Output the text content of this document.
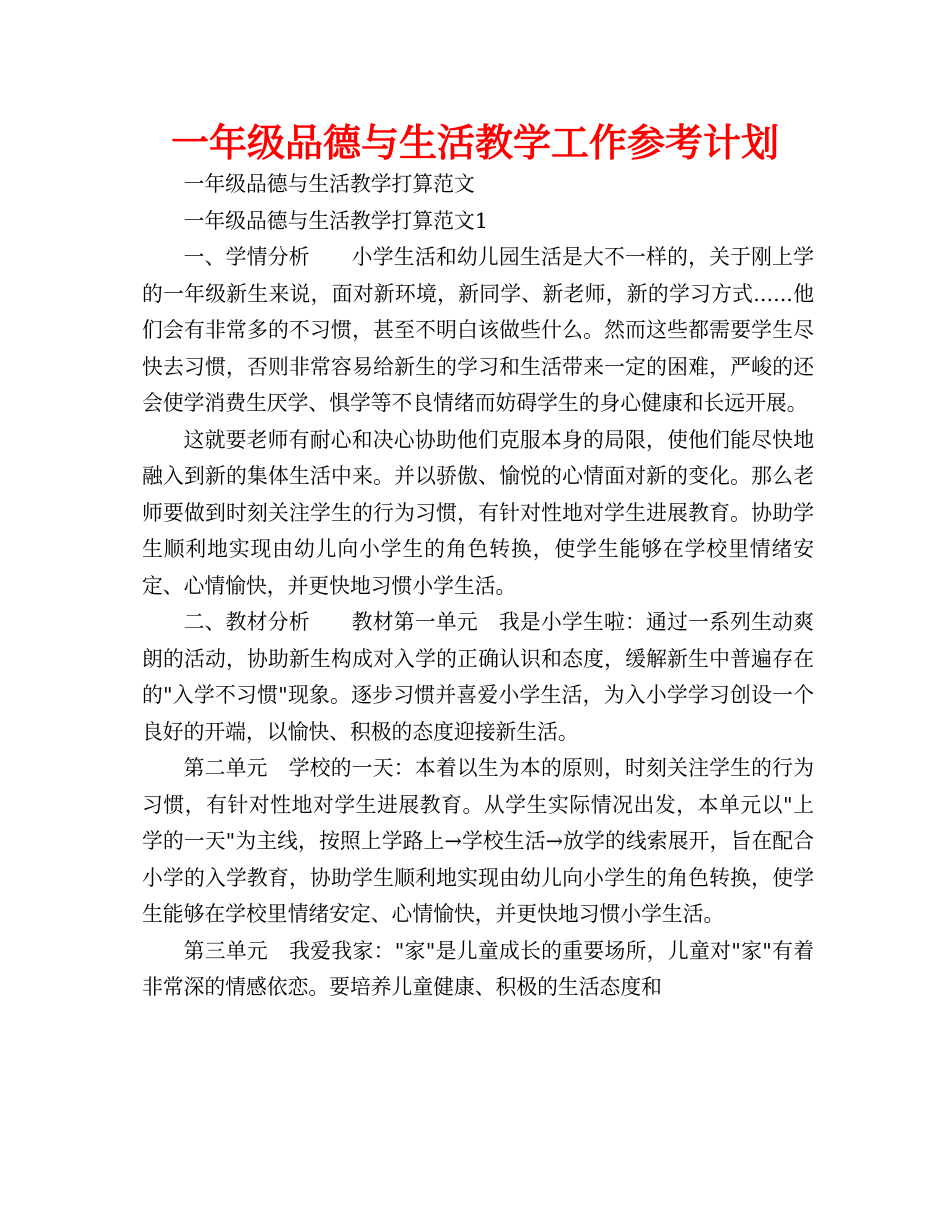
一年级品德与生活教学工作参考计划

一年级品德与生活教学打算范文

一年级品德与生活教学打算范文1

一、学情分析　　小学生活和幼儿园生活是大不一样的，关于刚上学的一年级新生来说，面对新环境，新同学、新老师，新的学习方式......他们会有非常多的不习惯，甚至不明白该做些什么。然而这些都需要学生尽快去习惯，否则非常容易给新生的学习和生活带来一定的困难，严峻的还会使学消费生厌学、惧学等不良情绪而妨碍学生的身心健康和长远开展。

这就要老师有耐心和决心协助他们克服本身的局限，使他们能尽快地融入到新的集体生活中来。并以骄傲、愉悦的心情面对新的变化。那么老师要做到时刻关注学生的行为习惯，有针对性地对学生进展教育。协助学生顺利地实现由幼儿向小学生的角色转换，使学生能够在学校里情绪安定、心情愉快，并更快地习惯小学生活。

二、教材分析　　教材第一单元　我是小学生啦：通过一系列生动爽朗的活动，协助新生构成对入学的正确认识和态度，缓解新生中普遍存在的"入学不习惯"现象。逐步习惯并喜爱小学生活，为入小学学习创设一个良好的开端，以愉快、积极的态度迎接新生活。

第二单元　学校的一天：本着以生为本的原则，时刻关注学生的行为习惯，有针对性地对学生进展教育。从学生实际情况出发，本单元以"上学的一天"为主线，按照上学路上→学校生活→放学的线索展开，旨在配合小学的入学教育，协助学生顺利地实现由幼儿向小学生的角色转换，使学生能够在学校里情绪安定、心情愉快，并更快地习惯小学生活。

第三单元　我爱我家："家"是儿童成长的重要场所，儿童对"家"有着非常深的情感依恋。要培养儿童健康、积极的生活态度和
